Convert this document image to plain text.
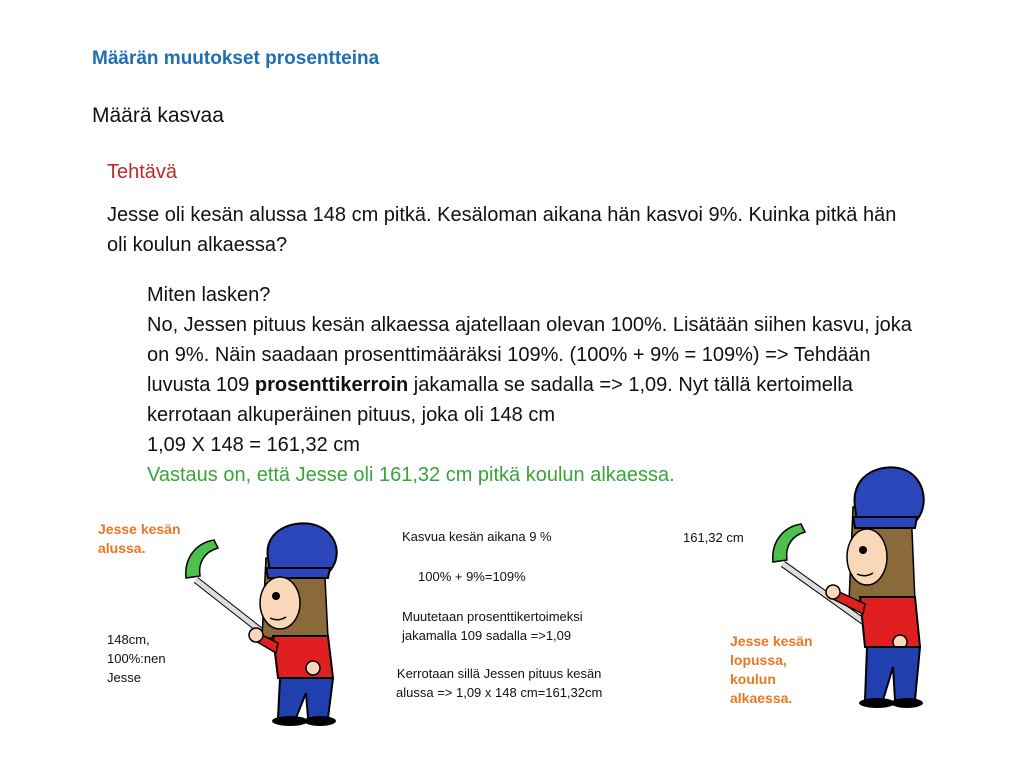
Määrän muutokset prosentteina
Määrä kasvaa
Tehtävä
Jesse oli kesän alussa 148 cm pitkä. Kesäloman aikana hän kasvoi 9%. Kuinka pitkä hän oli koulun alkaessa?

Miten lasken?

No, Jessen pituus kesän alkaessa ajatellaan olevan 100%. Lisätään siihen kasvu, joka on 9%. Näin saadaan prosenttimääräksi 109%. (100% + 9% = 109%) => Tehdään luvusta 109 prosenttikerroin jakamalla se sadalla => 1,09. Nyt tällä kertoimella kerrotaan alkuperäinen pituus, joka oli 148 cm

1,09 X 148 = 161,32 cm

Vastaus on, että Jesse oli 161,32 cm pitkä koulun alkaessa.

Jesse kesän alussa.
148cm,
100%:nen
Jesse
Kasvua kesän aikana 9 %
100% + 9%=109%
Muutetaan prosenttikertoimeksi
jakamalla 109 sadalla =>1,09
Kerrotaan sillä Jessen pituus kesän
alussa => 1,09 x 148 cm=161,32cm
161,32 cm
Jesse kesän
lopussa,
koulun
alkaessa.
